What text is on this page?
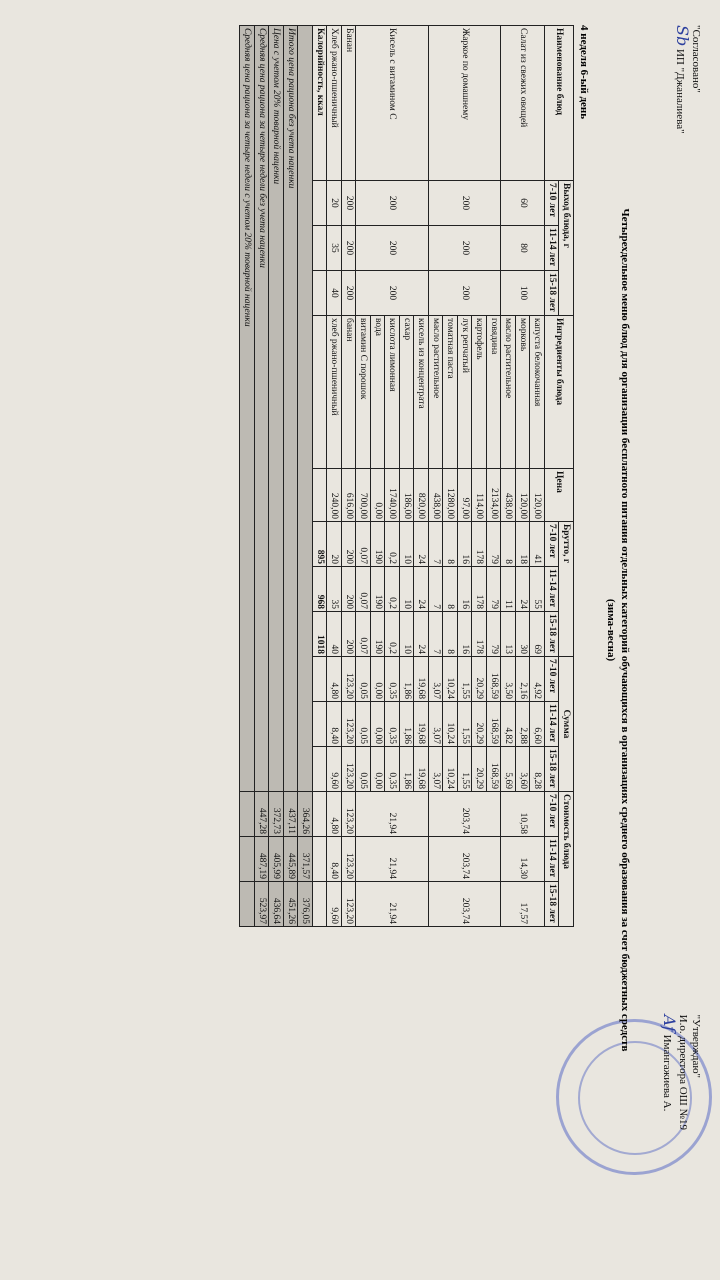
"Согласовано"
Sb ИП "Джаналиева"
"Утверждаю"
И.о. директора ОШ №19
Af Имангажиева А.
Четырехдельное меню блюд для организации бесплатного питания отдельных категорий обучающихся в организациях среднего образования за счет бюджетных средств
(зима-весна)
4 неделя 6-ый день
Наименование блюд	Выход блюда, г			Ингредиенты блюда	Цена	Брутто, г			Сумма			Стоимость блюда		
	7-10 лет	11-14 лет	15-18 лет			7-10 лет	11-14 лет	15-18 лет	7-10 лет	11-14 лет	15-18 лет	7-10 лет	11-14 лет	15-18 лет
Салат из свежих овощей	60	80	100	капуста белокочанная	120,00	41	55	69	4,92	6,60	8,28	10,58	14,30	17,57
				морковь	120,00	18	24	30	2,16	2,88	3,60			
				масло растительное	438,00	8	11	13	3,50	4,82	5,69			
Жаркое по домашнему	200	200	200	говядина	2134,00	79	79	79	168,59	168,59	168,59	203,74	203,74	203,74
				картофель	114,00	178	178	178	20,29	20,29	20,29			
				лук репчатый	97,00	16	16	16	1,55	1,55	1,55			
				томатная паста	1280,00	8	8	8	10,24	10,24	10,24			
				масло растительное	438,00	7	7	7	3,07	3,07	3,07			
Кисель с витамином С	200	200	200	кисель из концентрата	820,00	24	24	24	19,68	19,68	19,68	21,94	21,94	21,94
				сахар	186,00	10	10	10	1,86	1,86	1,86			
				кислота лимонная	1740,00	0,2	0,2	0,2	0,35	0,35	0,35			
				вода	0,00	190	190	190	0,00	0,00	0,00			
				витамин С порошок	700,00	0,07	0,07	0,07	0,05	0,05	0,05			
Банан	200	200	200	банан	616,00	200	200	200	123,20	123,20	123,20	123,20	123,20	123,20
Хлеб ржано-пшеничный	20	35	40	хлеб ржано-пшеничный	240,00	20	35	40	4,80	8,40	9,60	4,80	8,40	9,60
Калорийность, ккал						895	968	1018						
												364,26	371,57	376,05
Итого цена рациона без учета наценки												437,11	445,89	451,26
Цена с учетом 20% товарной наценки												372,73	405,99	436,64
Средняя цена рациона за четыре недели без учета наценки												447,28	487,19	523,97
Средняя цена рациона за четыре недели с учетом 20% товарной наценки														
